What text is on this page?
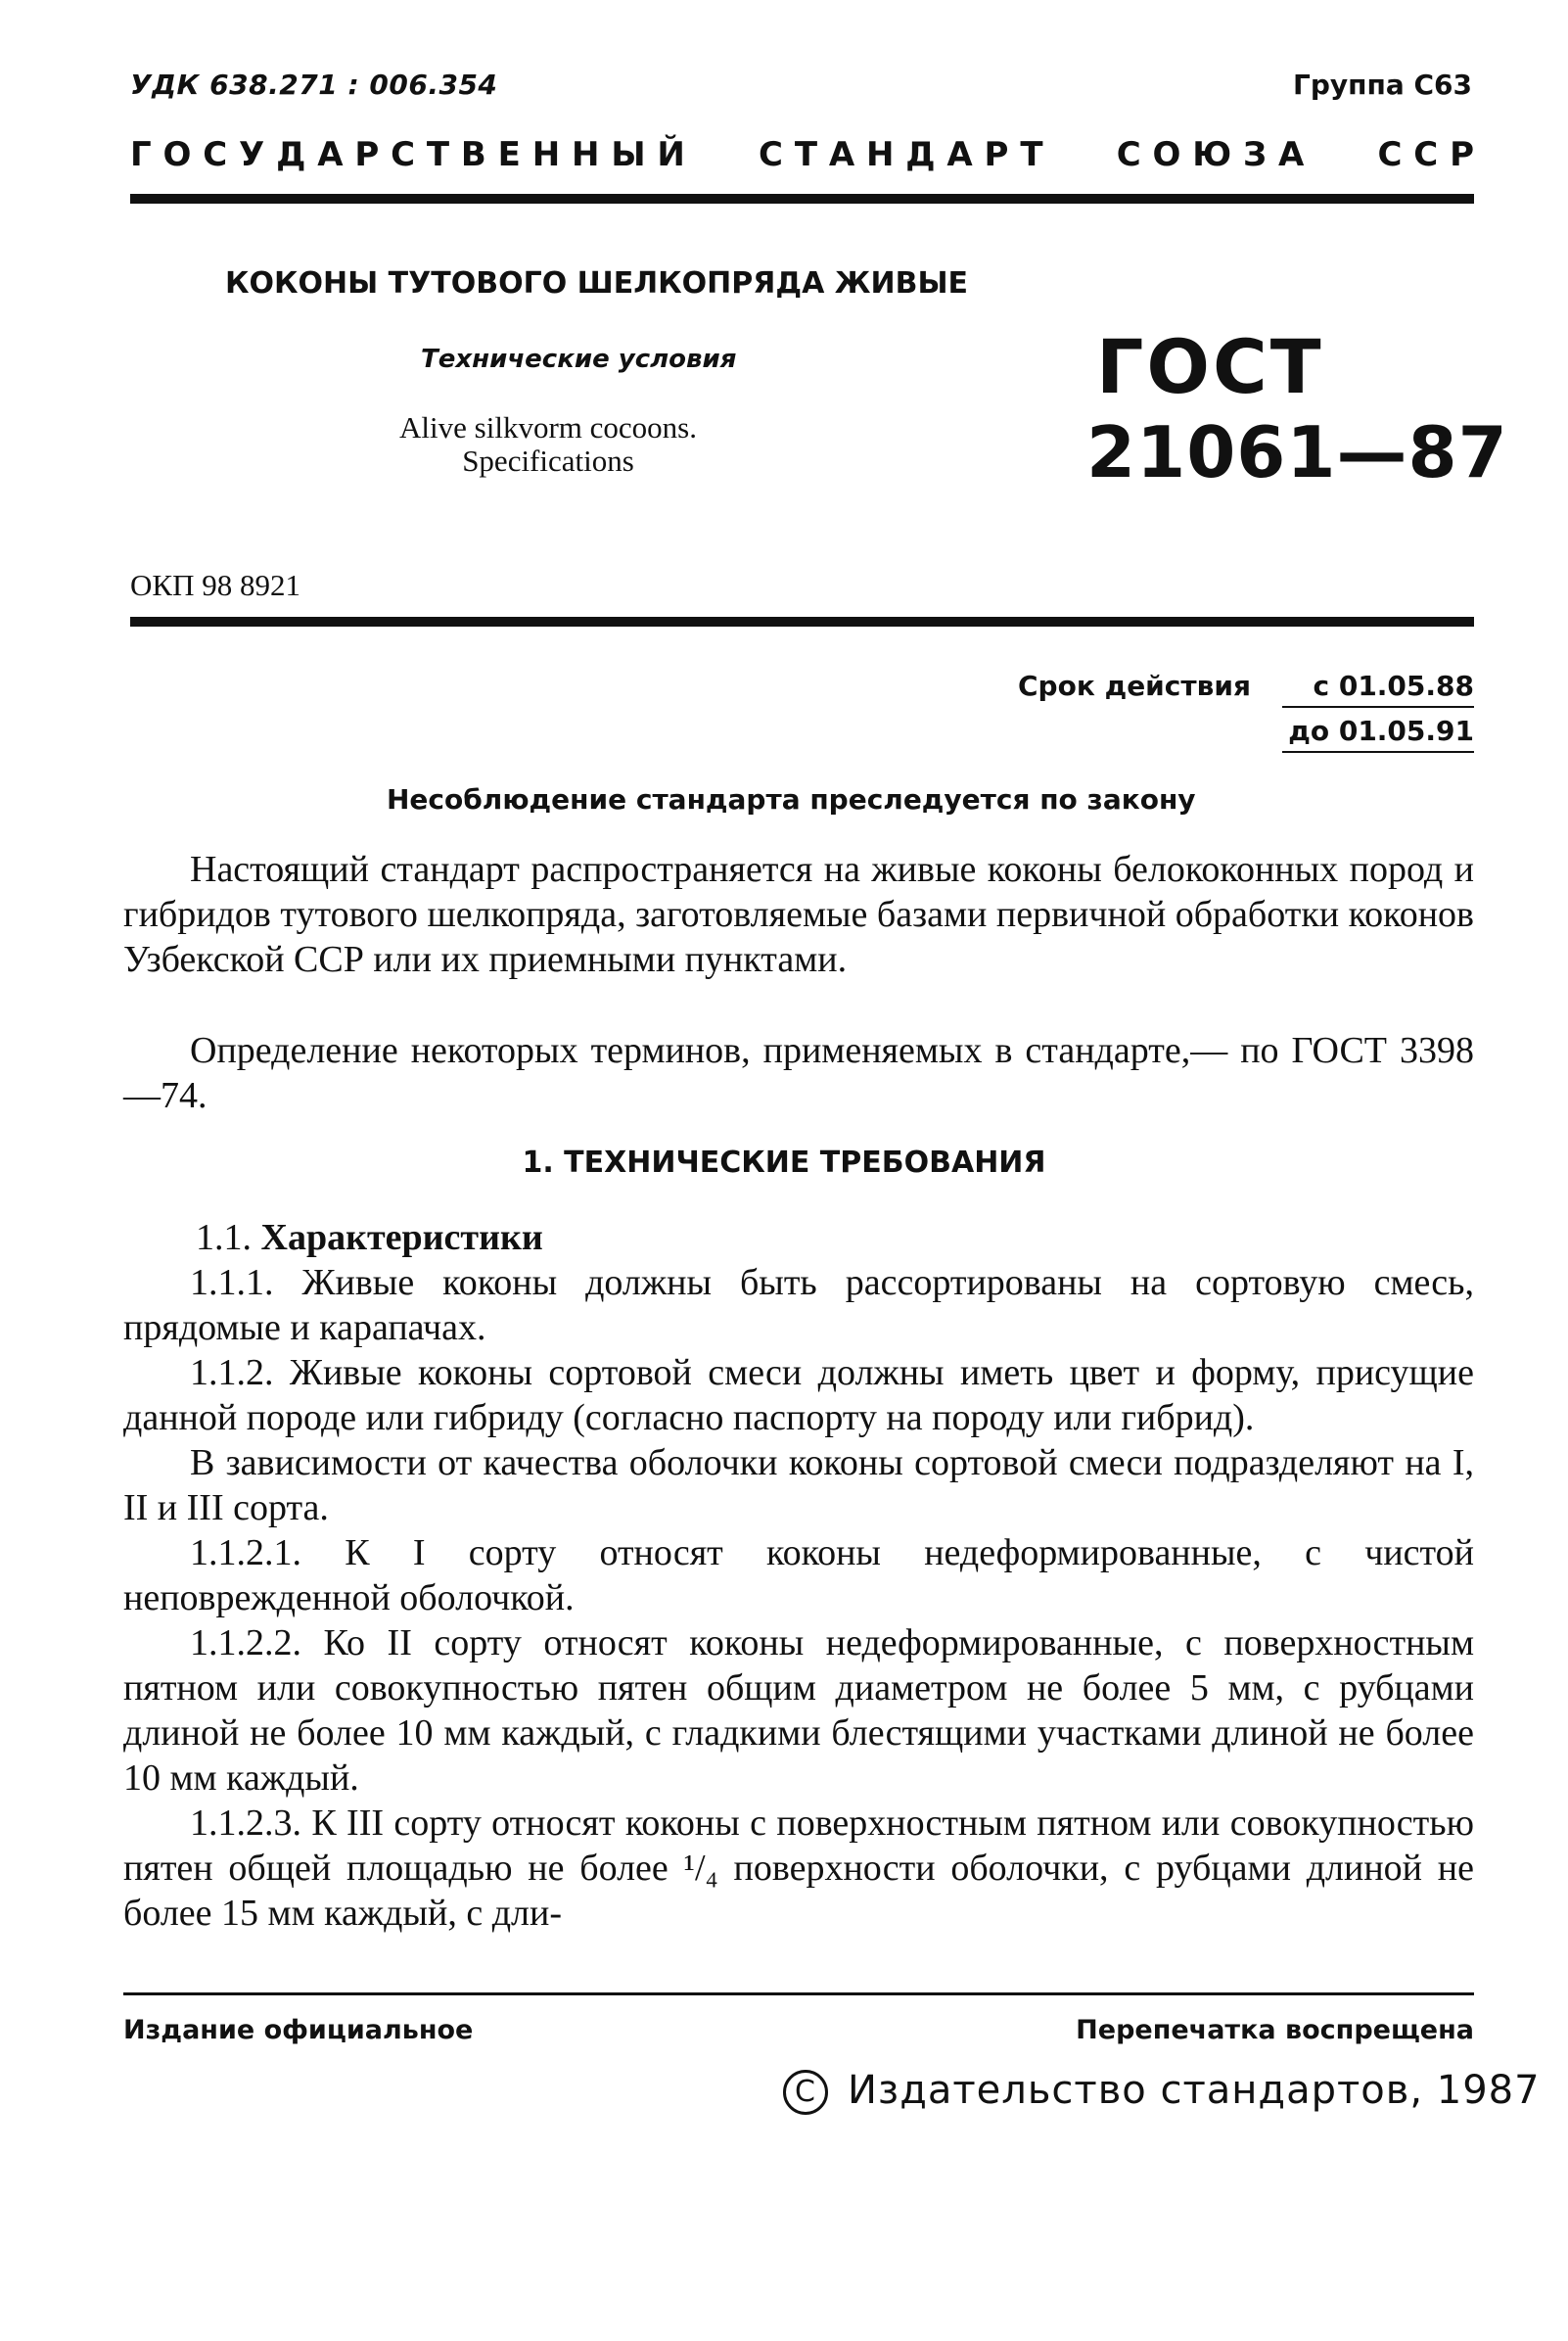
УДК 638.271 : 006.354	Группа С63
Г О С У Д А Р С Т В Е Н Н Ы Й С Т А Н Д А Р Т С О Ю З А С С Р
КОКОНЫ ТУТОВОГО ШЕЛКОПРЯДА ЖИВЫЕ
Технические условия
Alive silkvorm cocoons.
Specifications
ГОСТ
21061—87
ОКП 98 8921
Срок действия	с 01.05.88
до 01.05.91
Несоблюдение стандарта преследуется по закону
Настоящий стандарт распространяется на живые коконы белококонных пород и гибридов тутового шелкопряда, заготовляемые базами первичной обработки коконов Узбекской ССР или их приемными пунктами.
Определение некоторых терминов, применяемых в стандарте,— по ГОСТ 3398—74.
1. ТЕХНИЧЕСКИЕ ТРЕБОВАНИЯ
1.1. Характеристики
1.1.1. Живые коконы должны быть рассортированы на сортовую смесь, прядомые и карапачах.
1.1.2. Живые коконы сортовой смеси должны иметь цвет и форму, присущие данной породе или гибриду (согласно паспорту на породу или гибрид).
В зависимости от качества оболочки коконы сортовой смеси подразделяют на I, II и III сорта.
1.1.2.1. К I сорту относят коконы недеформированные, с чистой неповрежденной оболочкой.
1.1.2.2. Ко II сорту относят коконы недеформированные, с поверхностным пятном или совокупностью пятен общим диаметром не более 5 мм, с рубцами длиной не более 10 мм каждый, с гладкими блестящими участками длиной не более 10 мм каждый.
1.1.2.3. К III сорту относят коконы с поверхностным пятном или совокупностью пятен общей площадью не более ¹/₄ поверхности оболочки, с рубцами длиной не более 15 мм каждый, с дли-
Издание официальное	Перепечатка воспрещена
C Издательство стандартов, 1987
